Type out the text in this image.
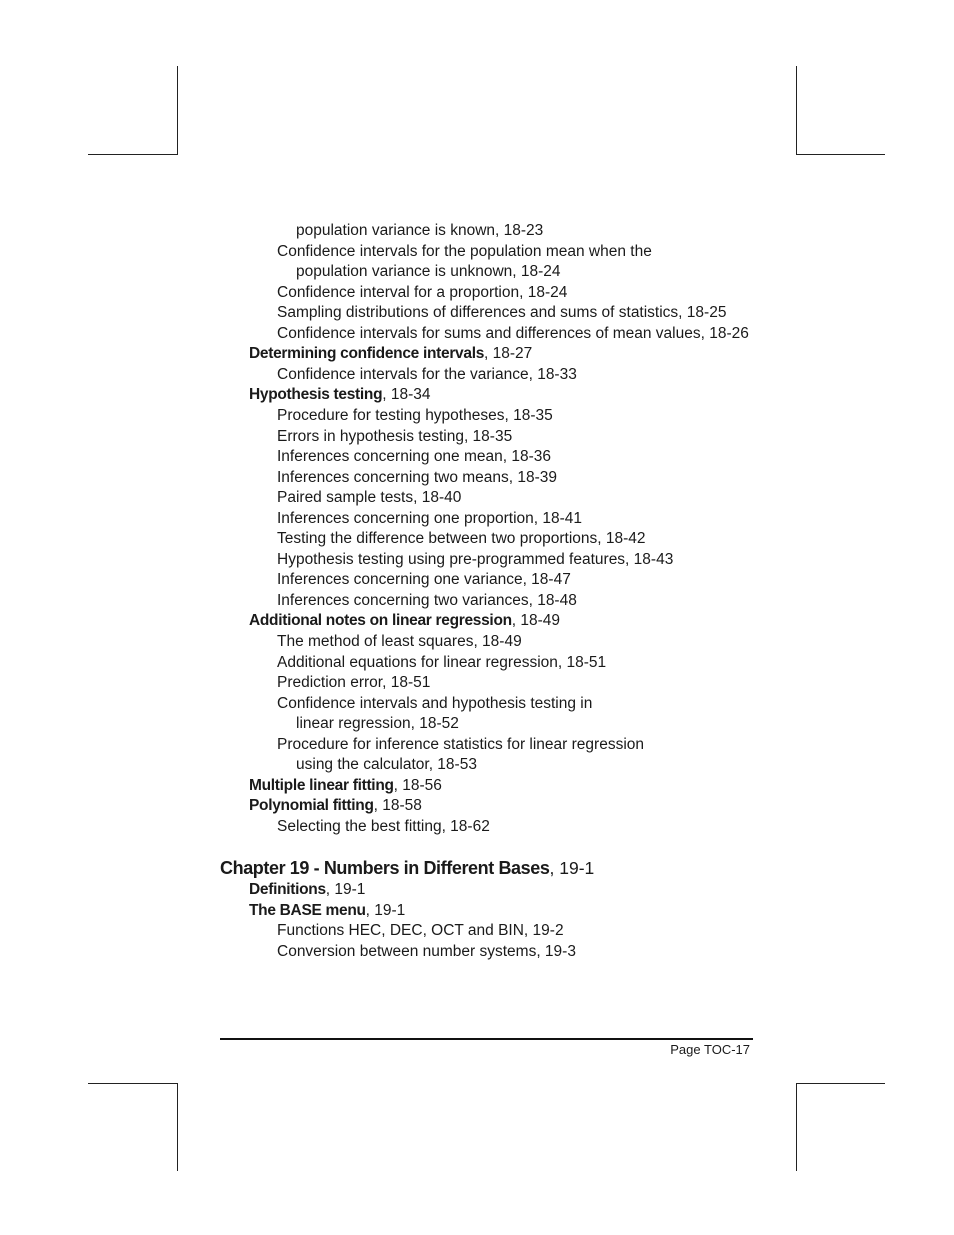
population variance is known, 18-23
Confidence intervals for the population mean when the
population variance is unknown, 18-24
Confidence interval for a proportion, 18-24
Sampling distributions of differences and sums of statistics, 18-25
Confidence intervals for sums and differences of mean values, 18-26
Determining confidence intervals, 18-27
Confidence intervals for the variance, 18-33
Hypothesis testing, 18-34
Procedure for testing hypotheses, 18-35
Errors in hypothesis testing, 18-35
Inferences concerning one mean, 18-36
Inferences concerning two means, 18-39
Paired sample tests, 18-40
Inferences concerning one proportion, 18-41
Testing the difference between two proportions, 18-42
Hypothesis testing using pre-programmed features, 18-43
Inferences concerning one variance, 18-47
Inferences concerning two variances, 18-48
Additional notes on linear regression, 18-49
The method of least squares, 18-49
Additional equations for linear regression, 18-51
Prediction error, 18-51
Confidence intervals and hypothesis testing in
linear regression, 18-52
Procedure for inference statistics for linear regression
using the calculator, 18-53
Multiple linear fitting, 18-56
Polynomial fitting, 18-58
Selecting the best fitting, 18-62
Chapter 19 - Numbers in Different Bases, 19-1
Definitions, 19-1
The BASE menu, 19-1
Functions HEC, DEC, OCT and BIN, 19-2
Conversion between number systems, 19-3
Page TOC-17
